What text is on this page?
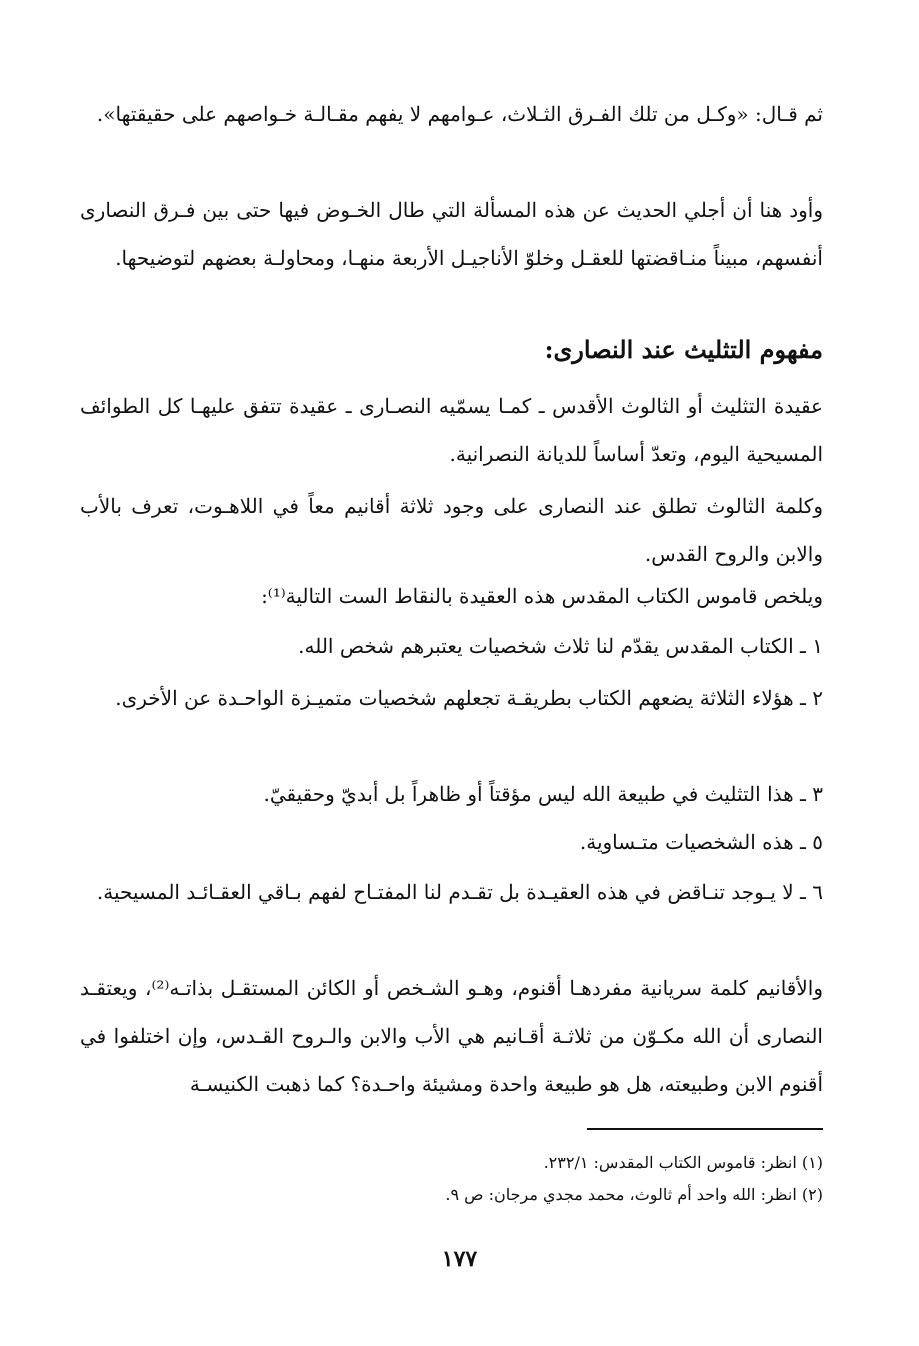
ثم قـال: «وكـل من تلك الفـرق الثـلاث، عـوامهم لا يفهم مقـالـة خـواصهم على حقيقتها».

وأود هنا أن أجلي الحديث عن هذه المسألة التي طال الخـوض فيها حتى بين فـرق النصارى أنفسهم، مبيناً منـاقضتها للعقـل وخلوّ الأناجيـل الأربعة منهـا، ومحاولـة بعضهم لتوضيحها.

مفهوم التثليث عند النصارى:

عقيدة التثليث أو الثالوث الأقدس ـ كمـا يسمّيه النصـارى ـ عقيدة تتفق عليهـا كل الطوائف المسيحية اليوم، وتعدّ أساساً للديانة النصرانية.

وكلمة الثالوث تطلق عند النصارى على وجود ثلاثة أقانيم معاً في اللاهـوت، تعرف بالأب والابن والروح القدس.

ويلخص قاموس الكتاب المقدس هذه العقيدة بالنقاط الست التالية⁽¹⁾:

١ ـ الكتاب المقدس يقدّم لنا ثلاث شخصيات يعتبرهم شخص الله.

٢ ـ هؤلاء الثلاثة يضعهم الكتاب بطريقـة تجعلهم شخصيات متميـزة الواحـدة عن الأخرى.

٣ ـ هذا التثليث في طبيعة الله ليس مؤقتاً أو ظاهراً بل أبديّ وحقيقيّ.

٥ ـ هذه الشخصيات متـساوية.

٦ ـ لا يـوجد تنـاقض في هذه العقيـدة بل تقـدم لنا المفتـاح لفهم بـاقي العقـائـد المسيحية.

والأقانيم كلمة سريانية مفردهـا أقنوم، وهـو الشـخص أو الكائن المستقـل بذاتـه⁽²⁾، ويعتقـد النصارى أن الله مكـوّن من ثلاثـة أقـانيم هي الأب والابن والـروح القـدس، وإن اختلفوا في أقنوم الابن وطبيعته، هل هو طبيعة واحدة ومشيئة واحـدة؟ كما ذهبت الكنيسـة

(١) انظر: قاموس الكتاب المقدس: ٢٣٢/١.

(٢) انظر: الله واحد أم ثالوث، محمد مجدي مرجان: ص ٩.

١٧٧
